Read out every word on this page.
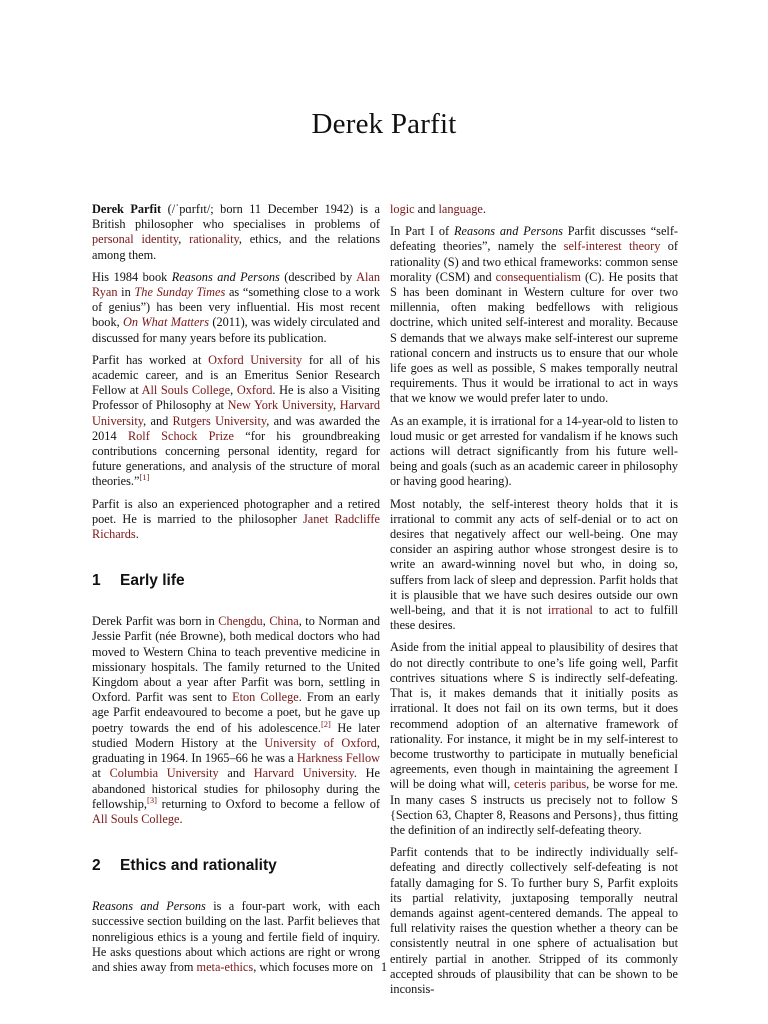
Derek Parfit

Derek Parfit (/ˈpɑrfɪt/; born 11 December 1942) is a British philosopher who specialises in problems of personal identity, rationality, ethics, and the relations among them.

His 1984 book Reasons and Persons (described by Alan Ryan in The Sunday Times as “something close to a work of genius”) has been very influential. His most recent book, On What Matters (2011), was widely circulated and discussed for many years before its publication.

Parfit has worked at Oxford University for all of his academic career, and is an Emeritus Senior Research Fellow at All Souls College, Oxford. He is also a Visiting Professor of Philosophy at New York University, Harvard University, and Rutgers University, and was awarded the 2014 Rolf Schock Prize “for his groundbreaking contributions concerning personal identity, regard for future generations, and analysis of the structure of moral theories.”[1]

Parfit is also an experienced photographer and a retired poet. He is married to the philosopher Janet Radcliffe Richards.

1 Early life

Derek Parfit was born in Chengdu, China, to Norman and Jessie Parfit (née Browne), both medical doctors who had moved to Western China to teach preventive medicine in missionary hospitals. The family returned to the United Kingdom about a year after Parfit was born, settling in Oxford. Parfit was sent to Eton College. From an early age Parfit endeavoured to become a poet, but he gave up poetry towards the end of his adolescence.[2] He later studied Modern History at the University of Oxford, graduating in 1964. In 1965–66 he was a Harkness Fellow at Columbia University and Harvard University. He abandoned historical studies for philosophy during the fellowship,[3] returning to Oxford to become a fellow of All Souls College.

2 Ethics and rationality

Reasons and Persons is a four-part work, with each successive section building on the last. Parfit believes that nonreligious ethics is a young and fertile field of inquiry. He asks questions about which actions are right or wrong and shies away from meta-ethics, which focuses more on

logic and language.

In Part I of Reasons and Persons Parfit discusses “self-defeating theories”, namely the self-interest theory of rationality (S) and two ethical frameworks: common sense morality (CSM) and consequentialism (C). He posits that S has been dominant in Western culture for over two millennia, often making bedfellows with religious doctrine, which united self-interest and morality. Because S demands that we always make self-interest our supreme rational concern and instructs us to ensure that our whole life goes as well as possible, S makes temporally neutral requirements. Thus it would be irrational to act in ways that we know we would prefer later to undo.

As an example, it is irrational for a 14-year-old to listen to loud music or get arrested for vandalism if he knows such actions will detract significantly from his future well-being and goals (such as an academic career in philosophy or having good hearing).

Most notably, the self-interest theory holds that it is irrational to commit any acts of self-denial or to act on desires that negatively affect our well-being. One may consider an aspiring author whose strongest desire is to write an award-winning novel but who, in doing so, suffers from lack of sleep and depression. Parfit holds that it is plausible that we have such desires outside our own well-being, and that it is not irrational to act to fulfill these desires.

Aside from the initial appeal to plausibility of desires that do not directly contribute to one’s life going well, Parfit contrives situations where S is indirectly self-defeating. That is, it makes demands that it initially posits as irrational. It does not fail on its own terms, but it does recommend adoption of an alternative framework of rationality. For instance, it might be in my self-interest to become trustworthy to participate in mutually beneficial agreements, even though in maintaining the agreement I will be doing what will, ceteris paribus, be worse for me. In many cases S instructs us precisely not to follow S {Section 63, Chapter 8, Reasons and Persons}, thus fitting the definition of an indirectly self-defeating theory.

Parfit contends that to be indirectly individually self-defeating and directly collectively self-defeating is not fatally damaging for S. To further bury S, Parfit exploits its partial relativity, juxtaposing temporally neutral demands against agent-centered demands. The appeal to full relativity raises the question whether a theory can be consistently neutral in one sphere of actualisation but entirely partial in another. Stripped of its commonly accepted shrouds of plausibility that can be shown to be inconsis-

1
